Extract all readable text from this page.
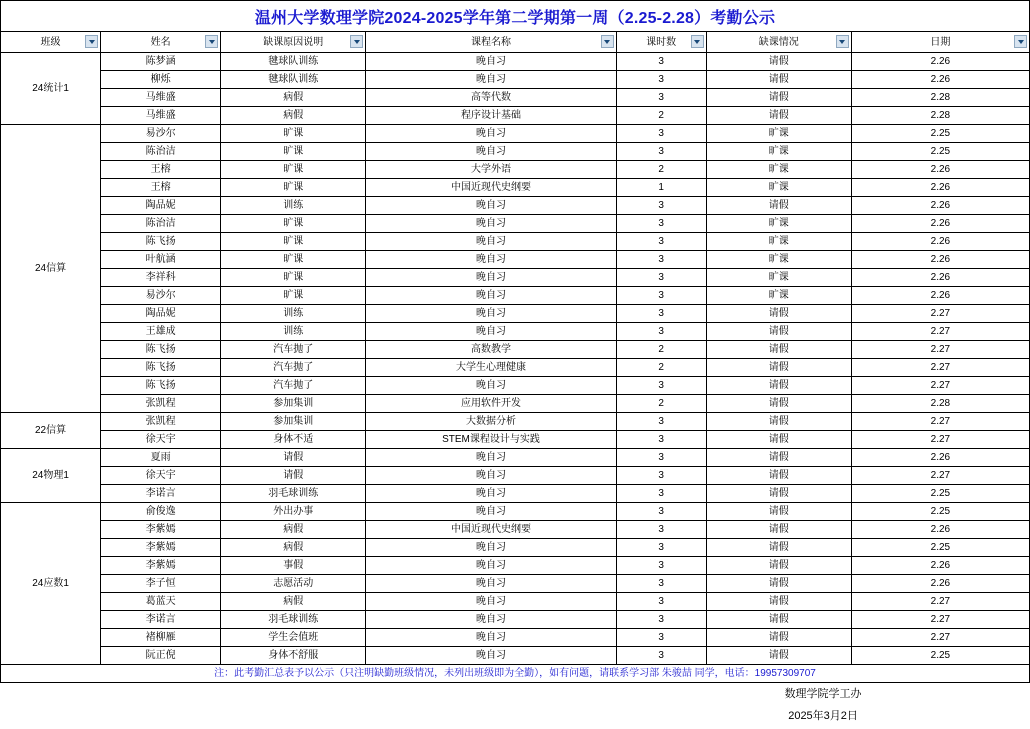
温州大学数理学院2024-2025学年第二学期第一周（2.25-2.28）考勤公示
班级	姓名	缺课原因说明	课程名称	课时数	缺课情况	日期

24统计1	陈梦涵	毽球队训练	晚自习	3	请假	2.26
	柳烁	毽球队训练	晚自习	3	请假	2.26
	马维盛	病假	高等代数	3	请假	2.28
	马维盛	病假	程序设计基础	2	请假	2.28
24信算	易沙尔	旷课	晚自习	3	旷课	2.25
	陈治洁	旷课	晚自习	3	旷课	2.25
	王榕	旷课	大学外语	2	旷课	2.26
	王榕	旷课	中国近现代史纲要	1	旷课	2.26
	陶品妮	训练	晚自习	3	请假	2.26
	陈治洁	旷课	晚自习	3	旷课	2.26
	陈飞扬	旷课	晚自习	3	旷课	2.26
	叶航涵	旷课	晚自习	3	旷课	2.26
	李祥科	旷课	晚自习	3	旷课	2.26
	易沙尔	旷课	晚自习	3	旷课	2.26
	陶品妮	训练	晚自习	3	请假	2.27
	王雄成	训练	晚自习	3	请假	2.27
	陈飞扬	汽车抛了	高数教学	2	请假	2.27
	陈飞扬	汽车抛了	大学生心理健康	2	请假	2.27
	陈飞扬	汽车抛了	晚自习	3	请假	2.27
	张凯程	参加集训	应用软件开发	2	请假	2.28
22信算	张凯程	参加集训	大数据分析	3	请假	2.27
	徐天宇	身体不适	STEM课程设计与实践	3	请假	2.27
24物理1	夏雨	请假	晚自习	3	请假	2.26
	徐天宇	请假	晚自习	3	请假	2.27
	李诺言	羽毛球训练	晚自习	3	请假	2.25
24应数1	俞俊逸	外出办事	晚自习	3	请假	2.25
	李紫嫣	病假	中国近现代史纲要	3	请假	2.26
	李紫嫣	病假	晚自习	3	请假	2.25
	李紫嫣	事假	晚自习	3	请假	2.26
	李子恒	志愿活动	晚自习	3	请假	2.26
	葛蓝天	病假	晚自习	3	请假	2.27
	李诺言	羽毛球训练	晚自习	3	请假	2.27
	褚柳雁	学生会值班	晚自习	3	请假	2.27
	阮正倪	身体不舒服	晚自习	3	请假	2.25
注：此考勤汇总表予以公示（只注明缺勤班级情况，未列出班级即为全勤），如有问题，请联系学习部 朱骏喆 同学，电话：19957309707						
	数理学院学工办
	2025年3月2日
